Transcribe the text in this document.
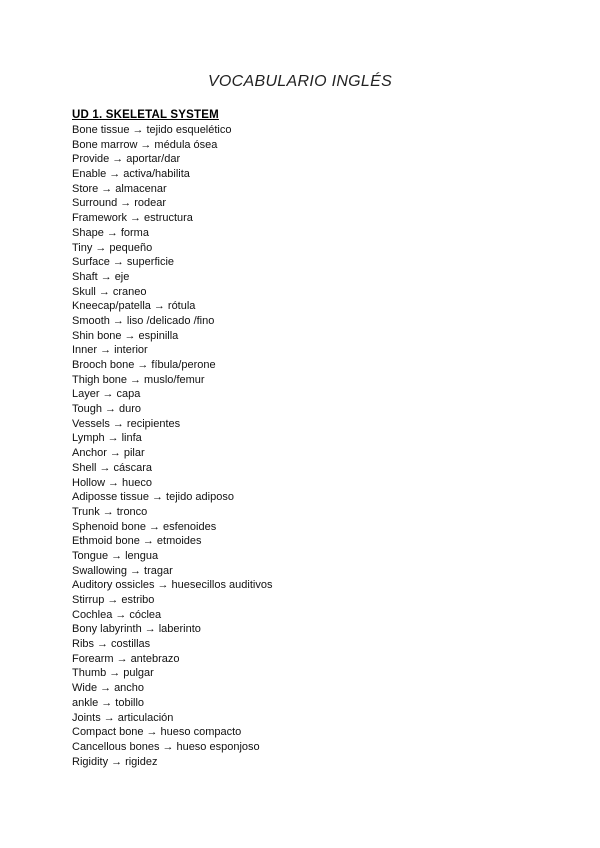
VOCABULARIO INGLÉS
UD 1. SKELETAL SYSTEM
Bone tissue → tejido esquelético
Bone marrow → médula ósea
Provide → aportar/dar
Enable → activa/habilita
Store → almacenar
Surround → rodear
Framework → estructura
Shape → forma
Tiny → pequeño
Surface → superficie
Shaft → eje
Skull → craneo
Kneecap/patella → rótula
Smooth → liso /delicado /fino
Shin bone → espinilla
Inner → interior
Brooch bone → fíbula/perone
Thigh bone → muslo/femur
Layer → capa
Tough → duro
Vessels → recipientes
Lymph → linfa
Anchor → pilar
Shell → cáscara
Hollow → hueco
Adiposse tissue → tejido adiposo
Trunk → tronco
Sphenoid bone → esfenoides
Ethmoid bone → etmoides
Tongue → lengua
Swallowing → tragar
Auditory ossicles → huesecillos auditivos
Stirrup → estribo
Cochlea → cóclea
Bony labyrinth → laberinto
Ribs → costillas
Forearm → antebrazo
Thumb → pulgar
Wide → ancho
ankle → tobillo
Joints → articulación
Compact bone → hueso compacto
Cancellous bones → hueso esponjoso
Rigidity → rigidez
